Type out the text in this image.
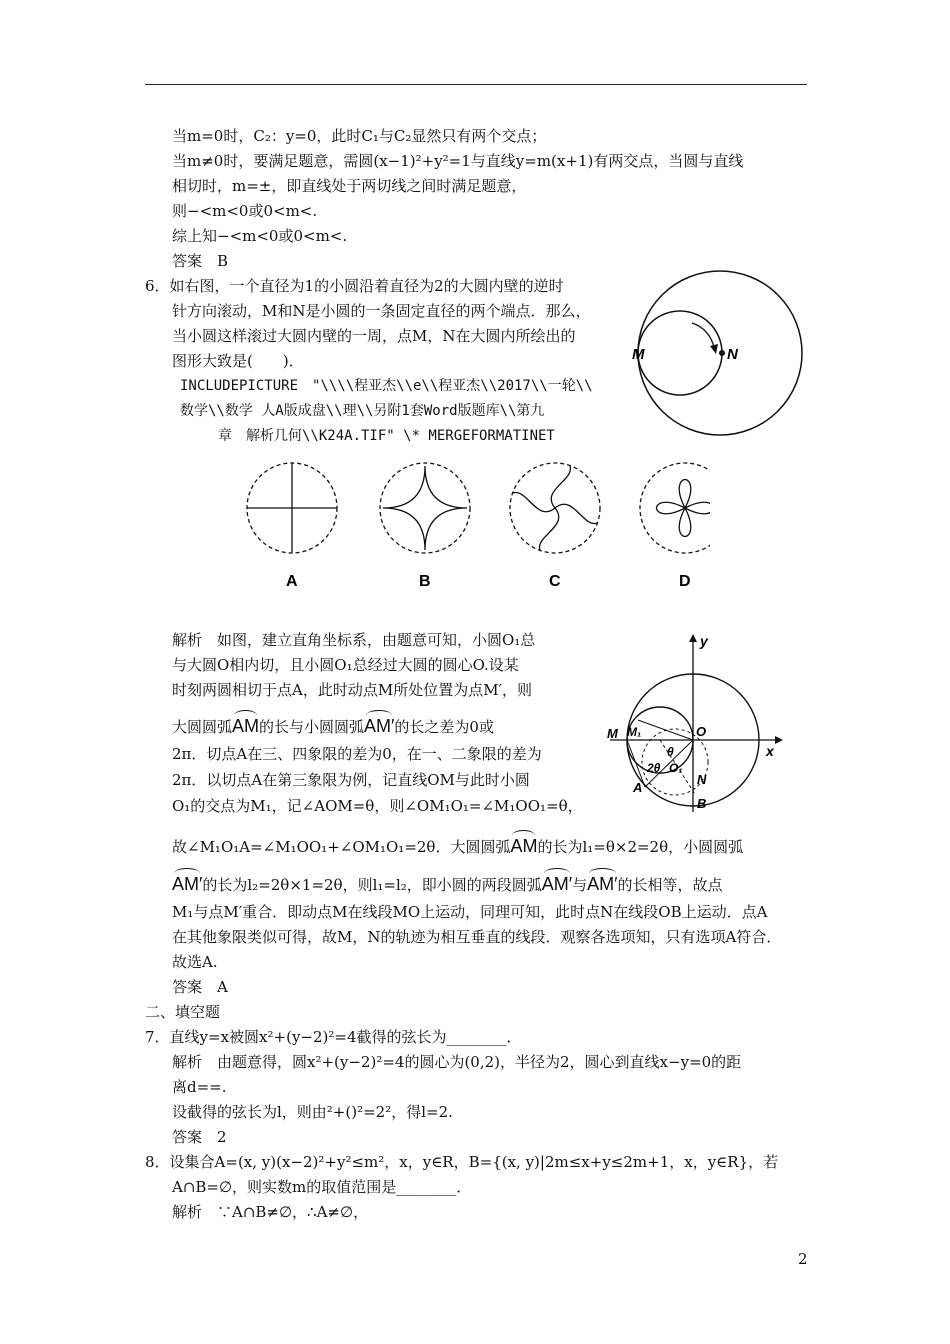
当m=0时，C₂：y=0，此时C₁与C₂显然只有两个交点；
当m≠0时，要满足题意，需圆(x−1)²+y²=1与直线y=m(x+1)有两交点，当圆与直线
相切时，m=±，即直线处于两切线之间时满足题意，
则−<m<0或0<m<.
综上知−<m<0或0<m<.
答案　B
6．如右图，一个直径为1的小圆沿着直径为2的大圆内壁的逆时
针方向滚动，M和N是小圆的一条固定直径的两个端点．那么，
当小圆这样滚过大圆内壁的一周，点M，N在大圆内所绘出的
图形大致是(　　)．
INCLUDEPICTURE　"\\\\程亚杰\\e\\程亚杰\\2017\\一轮\\
数学\\数学 人A版成盘\\理\\另附1套Word版题库\\第九
章　解析几何\\K24A.TIF" \* MERGEFORMATINET
M	N
A	B	C	D
解析　如图，建立直角坐标系，由题意可知，小圆O₁总
与大圆O相内切，且小圆O₁总经过大圆的圆心O.设某
时刻两圆相切于点A，此时动点M所处位置为点M′，则
大圆圆弧AM的长与小圆圆弧AM′的长之差为0或
2π．切点A在三、四象限的差为0，在一、二象限的差为
2π．以切点A在第三象限为例，记直线OM与此时小圆
O₁的交点为M₁，记∠AOM=θ，则∠OM₁O₁=∠M₁OO₁=θ，
故∠M₁O₁A=∠M₁OO₁+∠OM₁O₁=2θ．大圆圆弧AM的长为l₁=θ×2=2θ，小圆圆弧
AM′的长为l₂=2θ×1=2θ，则l₁=l₂，即小圆的两段圆弧AM′与AM′的长相等，故点
M₁与点M′重合．即动点M在线段MO上运动，同理可知，此时点N在线段OB上运动．点A
在其他象限类似可得，故M，N的轨迹为相互垂直的线段．观察各选项知，只有选项A符合．
故选A.
答案　A
y
x
M M₁	O
θ
2θ O₁
A
N
B
二、填空题
7．直线y=x被圆x²+(y−2)²=4截得的弦长为________．
解析　由题意得，圆x²+(y−2)²=4的圆心为(0,2)，半径为2，圆心到直线x−y=0的距
离d==.
设截得的弦长为l，则由²+()²=2²，得l=2.
答案　2
8．设集合A=(x, y)(x−2)²+y²≤m²，x，y∈R，B={(x, y)|2m≤x+y≤2m+1，x，y∈R}，若
A∩B=∅，则实数m的取值范围是________．
解析　∵A∩B≠∅，∴A≠∅，
2
